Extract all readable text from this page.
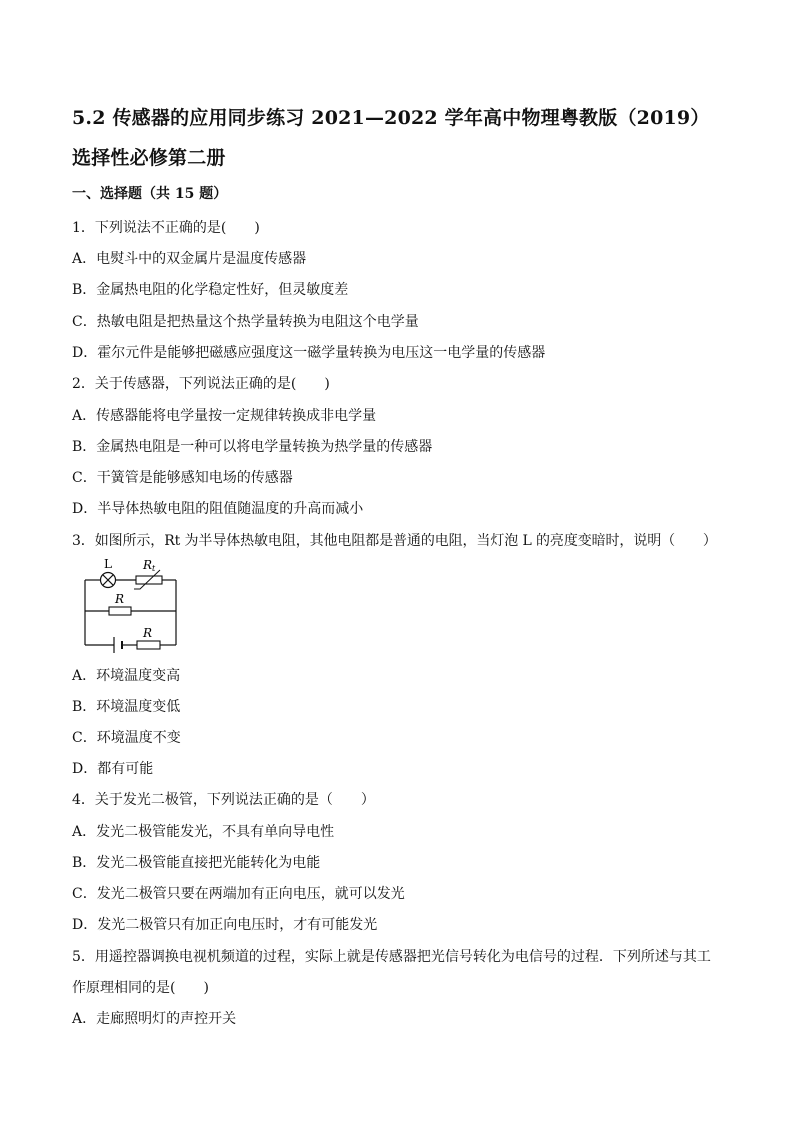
5.2 传感器的应用同步练习 2021—2022 学年高中物理粤教版（2019）
选择性必修第二册
一、选择题（共 15 题）
1．下列说法不正确的是(　　)
A．电熨斗中的双金属片是温度传感器
B．金属热电阻的化学稳定性好，但灵敏度差
C．热敏电阻是把热量这个热学量转换为电阻这个电学量
D．霍尔元件是能够把磁感应强度这一磁学量转换为电压这一电学量的传感器
2．关于传感器，下列说法正确的是(　　)
A．传感器能将电学量按一定规律转换成非电学量
B．金属热电阻是一种可以将电学量转换为热学量的传感器
C．干簧管是能够感知电场的传感器
D．半导体热敏电阻的阻值随温度的升高而减小
3．如图所示，Rt 为半导体热敏电阻，其他电阻都是普通的电阻，当灯泡 L 的亮度变暗时，说明（　　）
L	Rt
R
R
A．环境温度变高
B．环境温度变低
C．环境温度不变
D．都有可能
4．关于发光二极管，下列说法正确的是（　　）
A．发光二极管能发光，不具有单向导电性
B．发光二极管能直接把光能转化为电能
C．发光二极管只要在两端加有正向电压，就可以发光
D．发光二极管只有加正向电压时，才有可能发光
5．用遥控器调换电视机频道的过程，实际上就是传感器把光信号转化为电信号的过程．下列所述与其工
作原理相同的是(　　)
A．走廊照明灯的声控开关
